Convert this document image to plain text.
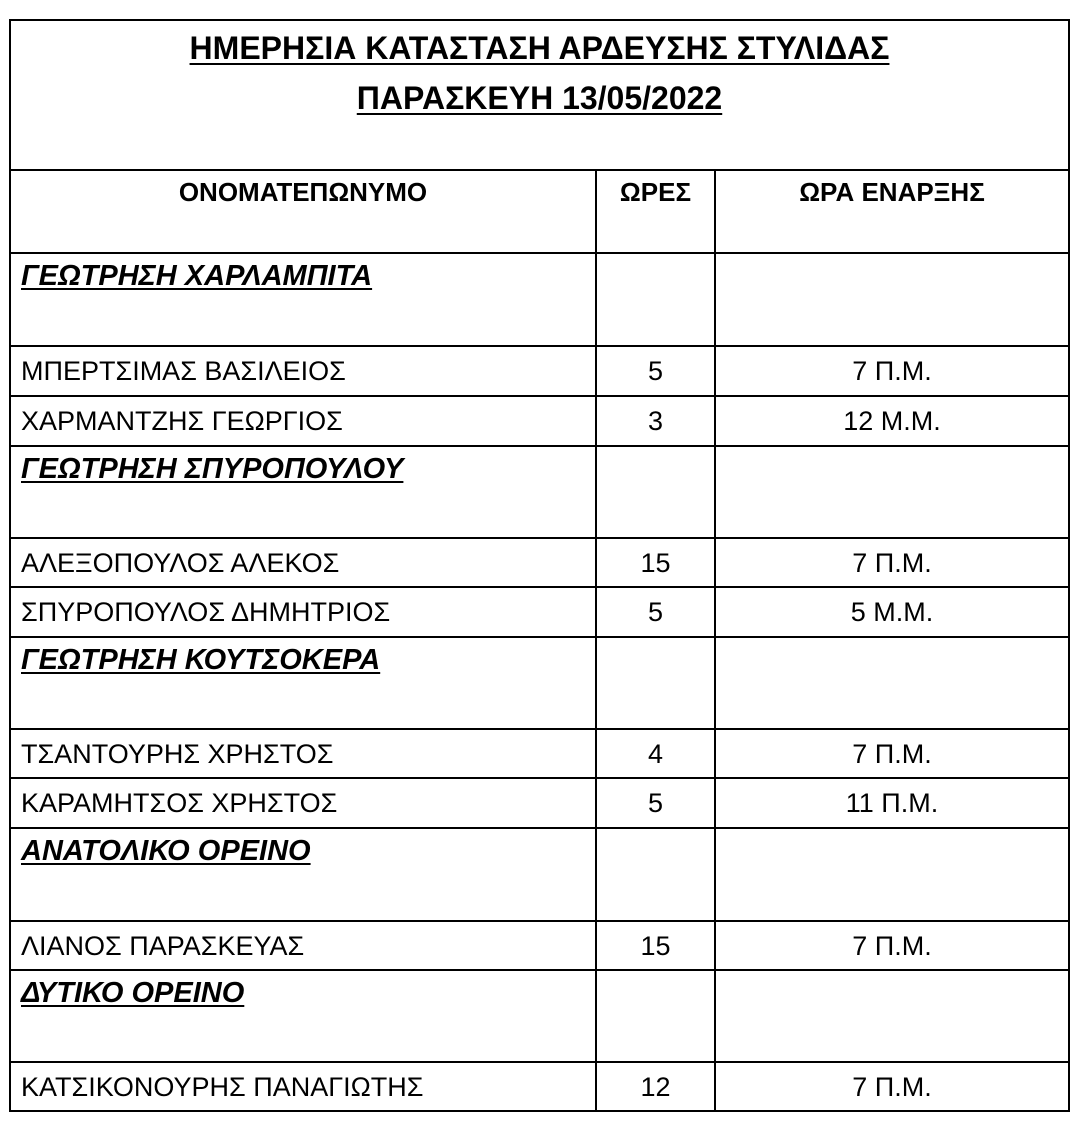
ΗΜΕΡΗΣΙΑ ΚΑΤΑΣΤΑΣΗ ΑΡΔΕΥΣΗΣ ΣΤΥΛΙΔΑΣ
ΠΑΡΑΣΚΕΥΗ 13/05/2022
ΟΝΟΜΑΤΕΠΩΝΥΜΟ	ΩΡΕΣ	ΩΡΑ ΕΝΑΡΞΗΣ
ΓΕΩΤΡΗΣΗ ΧΑΡΛΑΜΠΙΤΑ
ΜΠΕΡΤΣΙΜΑΣ ΒΑΣΙΛΕΙΟΣ	5	7 Π.Μ.
ΧΑΡΜΑΝΤΖΗΣ ΓΕΩΡΓΙΟΣ	3	12 Μ.Μ.
ΓΕΩΤΡΗΣΗ ΣΠΥΡΟΠΟΥΛΟΥ
ΑΛΕΞΟΠΟΥΛΟΣ ΑΛΕΚΟΣ	15	7 Π.Μ.
ΣΠΥΡΟΠΟΥΛΟΣ ΔΗΜΗΤΡΙΟΣ	5	5 Μ.Μ.
ΓΕΩΤΡΗΣΗ ΚΟΥΤΣΟΚΕΡΑ
ΤΣΑΝΤΟΥΡΗΣ ΧΡΗΣΤΟΣ	4	7 Π.Μ.
ΚΑΡΑΜΗΤΣΟΣ ΧΡΗΣΤΟΣ	5	11 Π.Μ.
ΑΝΑΤΟΛΙΚΟ ΟΡΕΙΝΟ
ΛΙΑΝΟΣ ΠΑΡΑΣΚΕΥΑΣ	15	7 Π.Μ.
ΔΥΤΙΚΟ ΟΡΕΙΝΟ
ΚΑΤΣΙΚΟΝΟΥΡΗΣ ΠΑΝΑΓΙΩΤΗΣ	12	7 Π.Μ.
